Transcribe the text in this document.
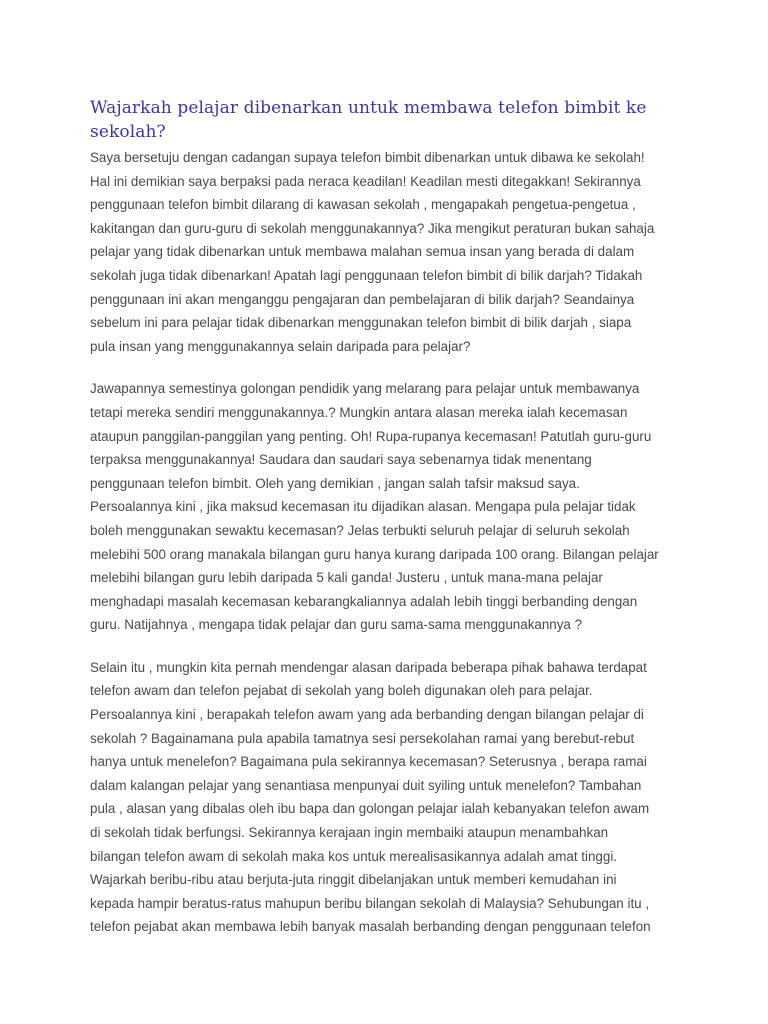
Wajarkah pelajar dibenarkan untuk membawa telefon bimbit ke sekolah?

Saya bersetuju dengan cadangan supaya telefon bimbit dibenarkan untuk dibawa ke sekolah!
Hal ini demikian saya berpaksi pada neraca keadilan! Keadilan mesti ditegakkan! Sekirannya
penggunaan telefon bimbit dilarang di kawasan sekolah , mengapakah pengetua-pengetua ,
kakitangan dan guru-guru di sekolah menggunakannya? Jika mengikut peraturan bukan sahaja
pelajar yang tidak dibenarkan untuk membawa malahan semua insan yang berada di dalam
sekolah juga tidak dibenarkan! Apatah lagi penggunaan telefon bimbit di bilik darjah? Tidakah
penggunaan ini akan menganggu pengajaran dan pembelajaran di bilik darjah? Seandainya
sebelum ini para pelajar tidak dibenarkan menggunakan telefon bimbit di bilik darjah , siapa
pula insan yang menggunakannya selain daripada para pelajar?

Jawapannya semestinya golongan pendidik yang melarang para pelajar untuk membawanya
tetapi mereka sendiri menggunakannya.? Mungkin antara alasan mereka ialah kecemasan
ataupun panggilan-panggilan yang penting. Oh! Rupa-rupanya kecemasan! Patutlah guru-guru
terpaksa menggunakannya! Saudara dan saudari saya sebenarnya tidak menentang
penggunaan telefon bimbit. Oleh yang demikian , jangan salah tafsir maksud saya.
Persoalannya kini , jika maksud kecemasan itu dijadikan alasan. Mengapa pula pelajar tidak
boleh menggunakan sewaktu kecemasan? Jelas terbukti seluruh pelajar di seluruh sekolah
melebihi 500 orang manakala bilangan guru hanya kurang daripada 100 orang. Bilangan pelajar
melebihi bilangan guru lebih daripada 5 kali ganda! Justeru , untuk mana-mana pelajar
menghadapi masalah kecemasan kebarangkaliannya adalah lebih tinggi berbanding dengan
guru. Natijahnya , mengapa tidak pelajar dan guru sama-sama menggunakannya ?

Selain itu , mungkin kita pernah mendengar alasan daripada beberapa pihak bahawa terdapat
telefon awam dan telefon pejabat di sekolah yang boleh digunakan oleh para pelajar.
Persoalannya kini , berapakah telefon awam yang ada berbanding dengan bilangan pelajar di
sekolah ? Bagainamana pula apabila tamatnya sesi persekolahan ramai yang berebut-rebut
hanya untuk menelefon? Bagaimana pula sekirannya kecemasan? Seterusnya , berapa ramai
dalam kalangan pelajar yang senantiasa menpunyai duit syiling untuk menelefon? Tambahan
pula , alasan yang dibalas oleh ibu bapa dan golongan pelajar ialah kebanyakan telefon awam
di sekolah tidak berfungsi. Sekirannya kerajaan ingin membaiki ataupun menambahkan
bilangan telefon awam di sekolah maka kos untuk merealisasikannya adalah amat tinggi.
Wajarkah beribu-ribu atau berjuta-juta ringgit dibelanjakan untuk memberi kemudahan ini
kepada hampir beratus-ratus mahupun beribu bilangan sekolah di Malaysia? Sehubungan itu ,
telefon pejabat akan membawa lebih banyak masalah berbanding dengan penggunaan telefon
